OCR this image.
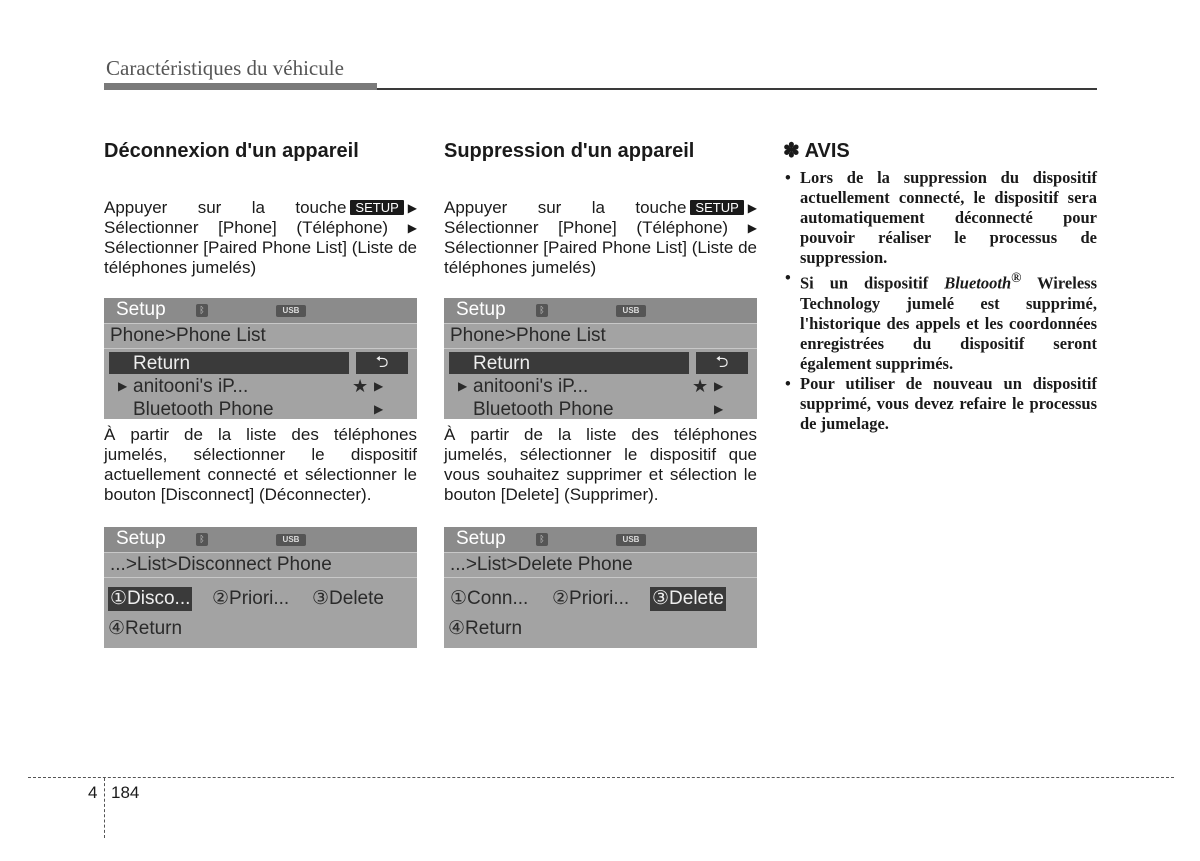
Caractéristiques du véhicule
Déconnexion d'un appareil

Appuyer sur la touche SETUP ▶ Sélectionner [Phone] (Téléphone) ▶ Sélectionner [Paired Phone List] (Liste de téléphones jumelés)

Setup	ᛒ	USB
Phone>Phone List
Return	⮌
▶ anitooni's iP...	★ ▶
Bluetooth Phone	▶

À partir de la liste des téléphones jumelés, sélectionner le dispositif actuellement connecté et sélectionner le bouton [Disconnect] (Déconnecter).

Setup	ᛒ	USB
...>List>Disconnect Phone
①Disco... ②Priori... ③Delete
④Return
Suppression d'un appareil

Appuyer sur la touche SETUP ▶ Sélectionner [Phone] (Téléphone) ▶ Sélectionner [Paired Phone List] (Liste de téléphones jumelés)

Setup	ᛒ	USB
Phone>Phone List
Return	⮌
▶ anitooni's iP...	★ ▶
Bluetooth Phone	▶

À partir de la liste des téléphones jumelés, sélectionner le dispositif que vous souhaitez supprimer et sélection le bouton [Delete] (Supprimer).

Setup	ᛒ	USB
...>List>Delete Phone
①Conn... ②Priori... ③Delete
④Return
✽ AVIS
• Lors de la suppression du dispositif actuellement connecté, le dispositif sera automatiquement déconnecté pour pouvoir réaliser le processus de suppression.
• Si un dispositif Bluetooth® Wireless Technology jumelé est supprimé, l'historique des appels et les coordonnées enregistrées du dispositif seront également supprimés.
• Pour utiliser de nouveau un dispositif supprimé, vous devez refaire le processus de jumelage.
4 184
